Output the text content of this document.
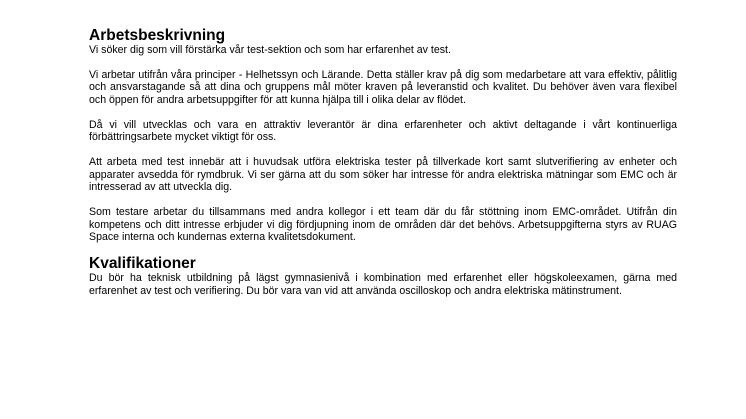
Arbetsbeskrivning

Vi söker dig som vill förstärka vår test-sektion och som har erfarenhet av test.

Vi arbetar utifrån våra principer - Helhetssyn och Lärande. Detta ställer krav på dig som medarbetare att vara effektiv, pålitlig och ansvarstagande så att dina och gruppens mål möter kraven på leveranstid och kvalitet. Du behöver även vara flexibel och öppen för andra arbetsuppgifter för att kunna hjälpa till i olika delar av flödet.

Då vi vill utvecklas och vara en attraktiv leverantör är dina erfarenheter och aktivt deltagande i vårt kontinuerliga förbättringsarbete mycket viktigt för oss.

Att arbeta med test innebär att i huvudsak utföra elektriska tester på tillverkade kort samt slutverifiering av enheter och apparater avsedda för rymdbruk. Vi ser gärna att du som söker har intresse för andra elektriska mätningar som EMC och är intresserad av att utveckla dig.

Som testare arbetar du tillsammans med andra kollegor i ett team där du får stöttning inom EMC-området. Utifrån din kompetens och ditt intresse erbjuder vi dig fördjupning inom de områden där det behövs. Arbetsuppgifterna styrs av RUAG Space interna och kundernas externa kvalitetsdokument.

Kvalifikationer

Du bör ha teknisk utbildning på lägst gymnasienivå i kombination med erfarenhet eller högskoleexamen, gärna med erfarenhet av test och verifiering. Du bör vara van vid att använda oscilloskop och andra elektriska mätinstrument.
